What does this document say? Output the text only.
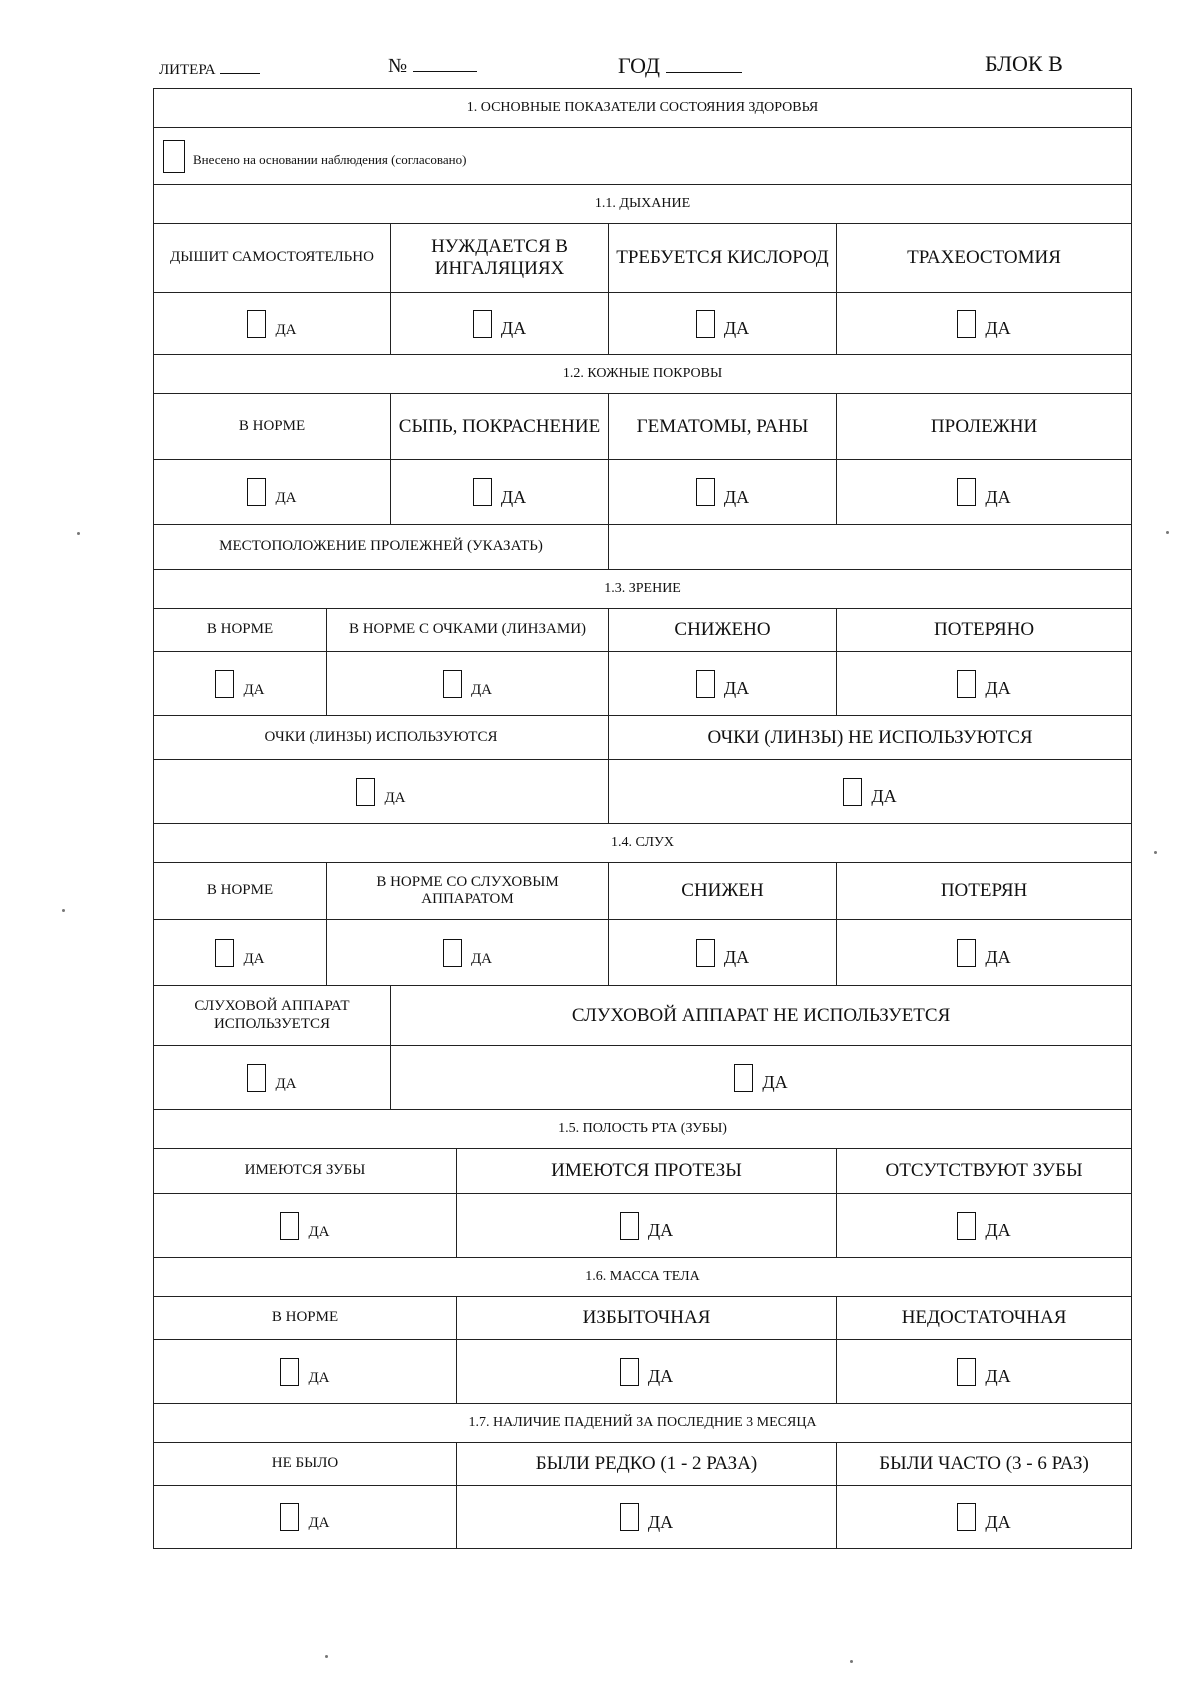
ЛИТЕРА	№	ГОД	БЛОК В
1. ОСНОВНЫЕ ПОКАЗАТЕЛИ СОСТОЯНИЯ ЗДОРОВЬЯ					
Внесено на основании наблюдения (согласовано)					
1.1. ДЫХАНИЕ					
ДЫШИТ САМОСТОЯТЕЛЬНО		НУЖДАЕТСЯ В ИНГАЛЯЦИЯХ		ТРЕБУЕТСЯ КИСЛОРОД	ТРАХЕОСТОМИЯ
ДА		ДА		ДА	ДА
1.2. КОЖНЫЕ ПОКРОВЫ					
В НОРМЕ		СЫПЬ, ПОКРАСНЕНИЕ		ГЕМАТОМЫ, РАНЫ	ПРОЛЕЖНИ
ДА		ДА		ДА	ДА
МЕСТОПОЛОЖЕНИЕ ПРОЛЕЖНЕЙ (УКАЗАТЬ)					
1.3. ЗРЕНИЕ					
В НОРМЕ	В НОРМЕ С ОЧКАМИ (ЛИНЗАМИ)			СНИЖЕНО	ПОТЕРЯНО
ДА	ДА			ДА	ДА
ОЧКИ (ЛИНЗЫ) ИСПОЛЬЗУЮТСЯ				ОЧКИ (ЛИНЗЫ) НЕ ИСПОЛЬЗУЮТСЯ	
ДА				ДА	
1.4. СЛУХ					
В НОРМЕ	В НОРМЕ СО СЛУХОВЫМ АППАРАТОМ			СНИЖЕН	ПОТЕРЯН
ДА	ДА			ДА	ДА
СЛУХОВОЙ АППАРАТ ИСПОЛЬЗУЕТСЯ		СЛУХОВОЙ АППАРАТ НЕ ИСПОЛЬЗУЕТСЯ			
ДА		ДА			
1.5. ПОЛОСТЬ РТА (ЗУБЫ)					
ИМЕЮТСЯ ЗУБЫ			ИМЕЮТСЯ ПРОТЕЗЫ		ОТСУТСТВУЮТ ЗУБЫ
ДА			ДА		ДА
1.6. МАССА ТЕЛА					
В НОРМЕ			ИЗБЫТОЧНАЯ		НЕДОСТАТОЧНАЯ
ДА			ДА		ДА
1.7. НАЛИЧИЕ ПАДЕНИЙ ЗА ПОСЛЕДНИЕ 3 МЕСЯЦА					
НЕ БЫЛО			БЫЛИ РЕДКО (1 - 2 РАЗА)		БЫЛИ ЧАСТО (3 - 6 РАЗ)
ДА			ДА		ДА
